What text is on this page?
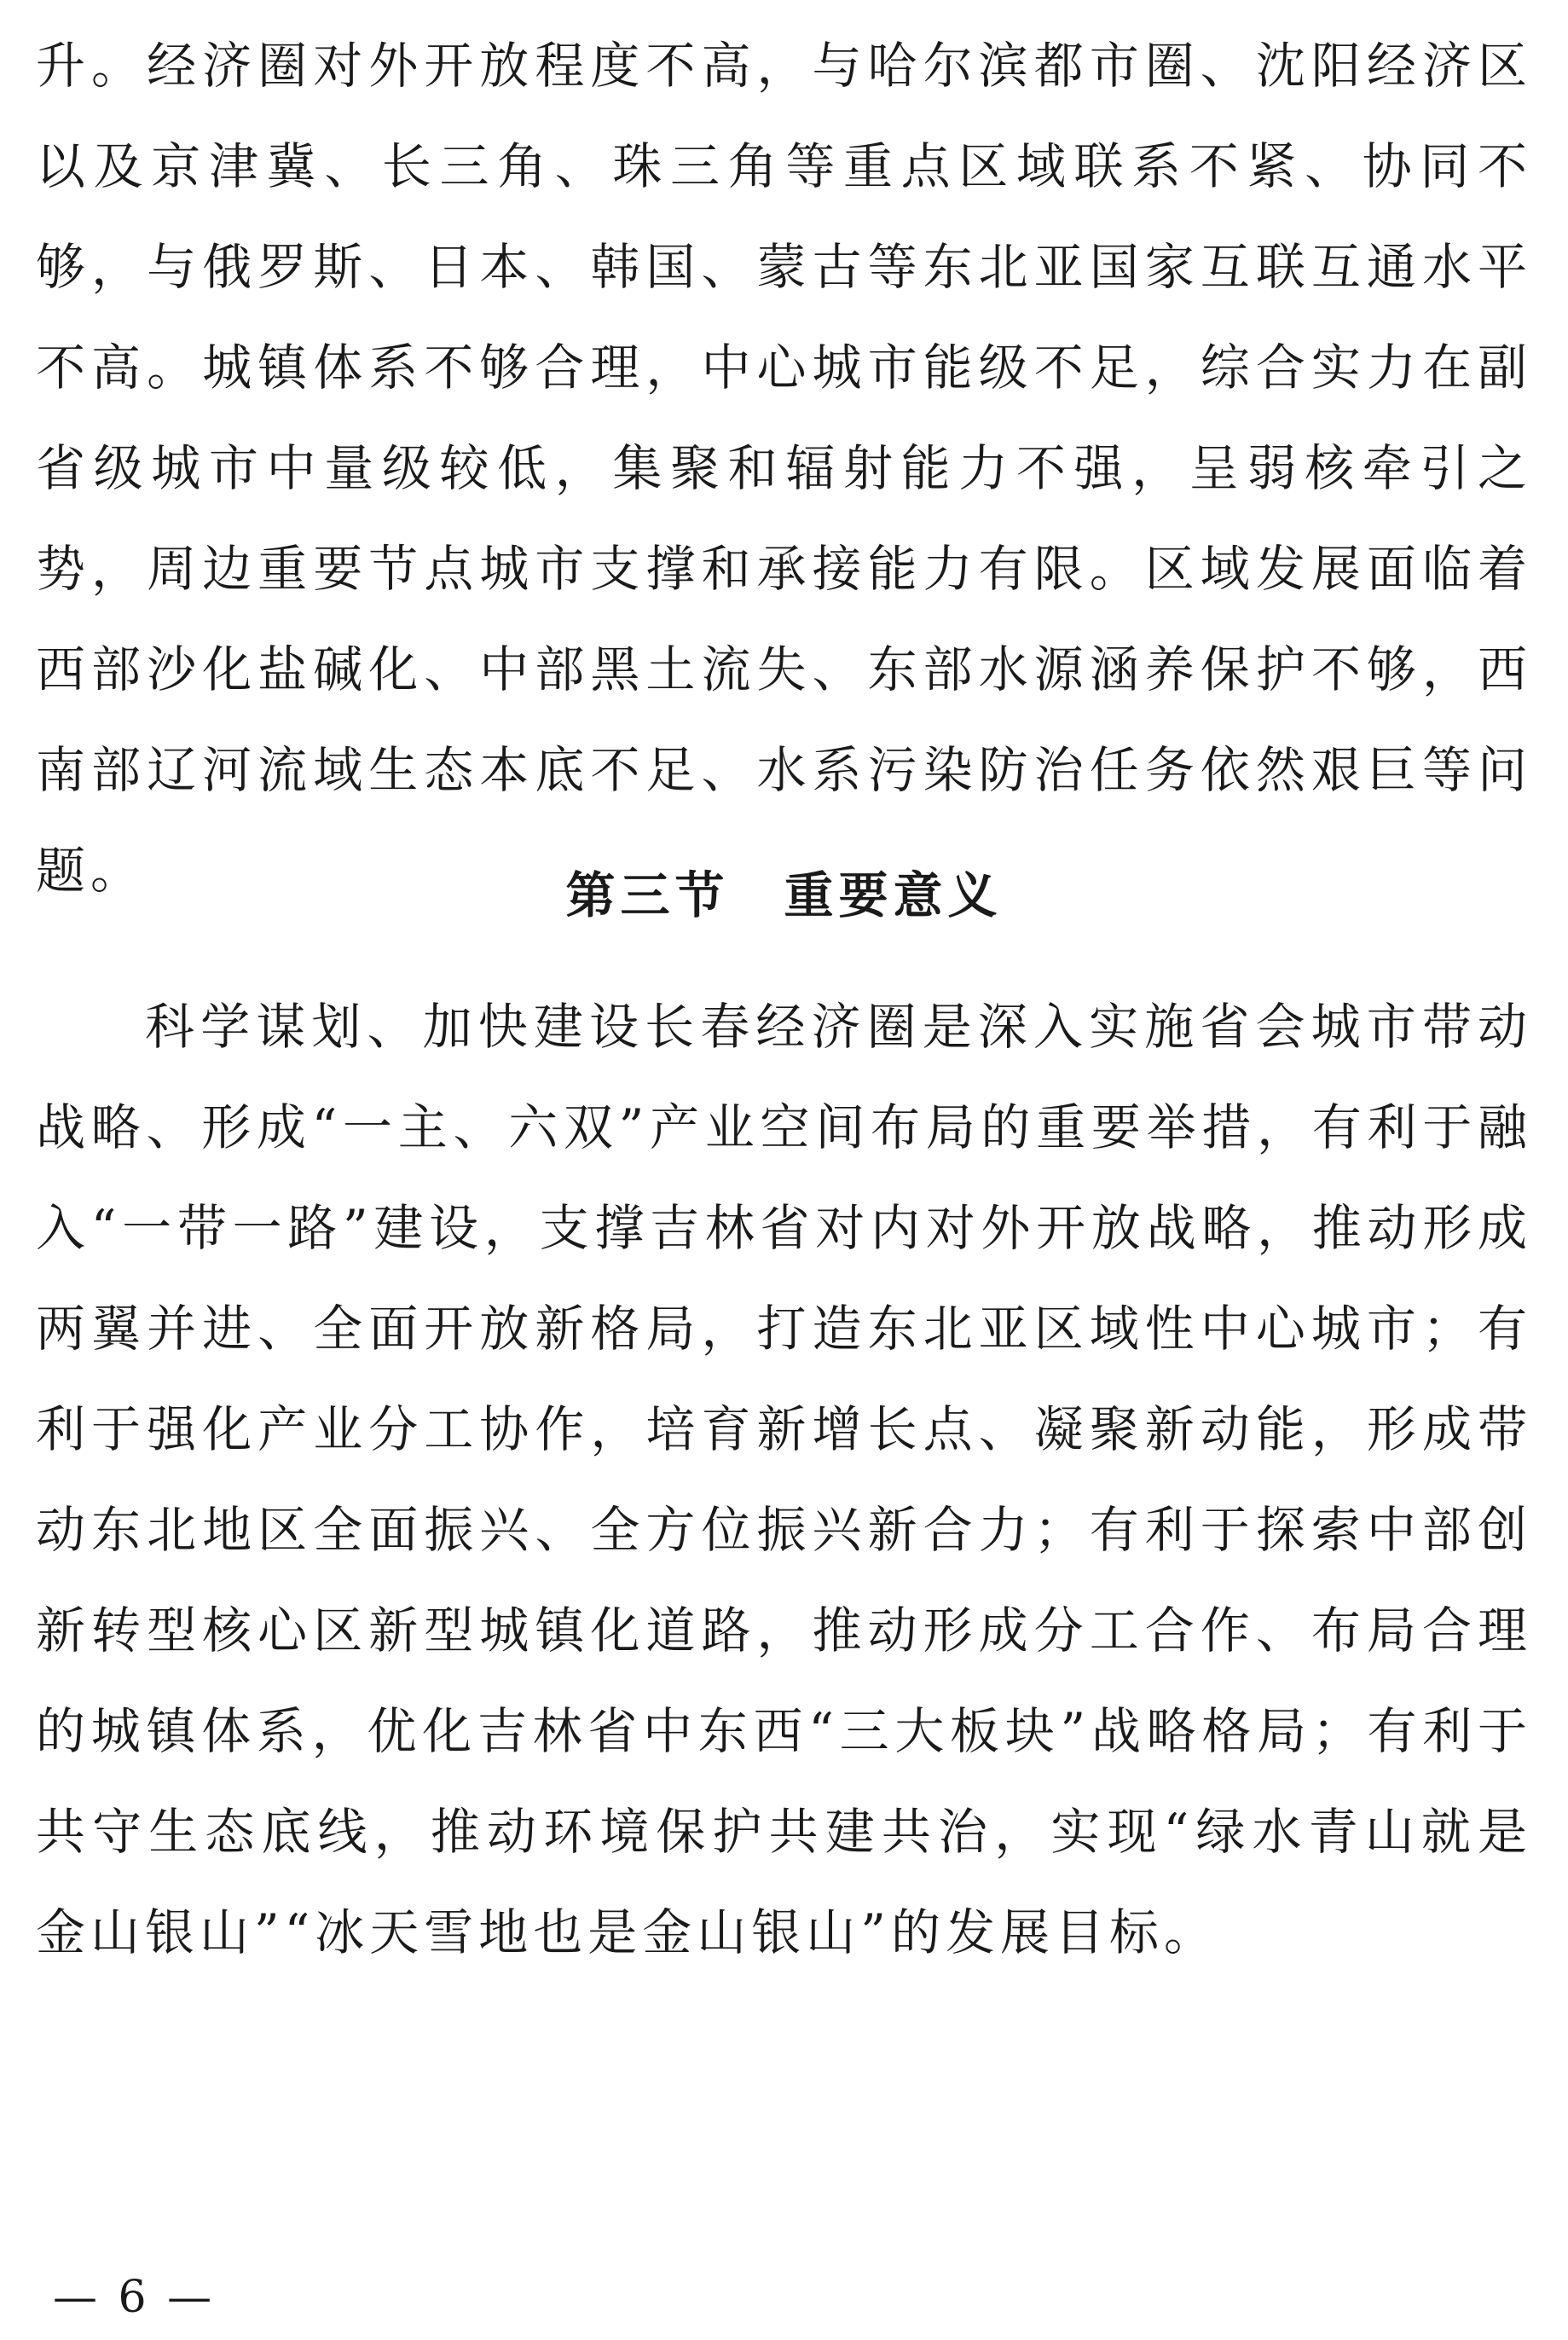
升。经济圈对外开放程度不高，与哈尔滨都市圈、沈阳经济区以及京津冀、长三角、珠三角等重点区域联系不紧、协同不够，与俄罗斯、日本、韩国、蒙古等东北亚国家互联互通水平不高。城镇体系不够合理，中心城市能级不足，综合实力在副省级城市中量级较低，集聚和辐射能力不强，呈弱核牵引之势，周边重要节点城市支撑和承接能力有限。区域发展面临着西部沙化盐碱化、中部黑土流失、东部水源涵养保护不够，西南部辽河流域生态本底不足、水系污染防治任务依然艰巨等问题。	第三节 重要意义

科学谋划、加快建设长春经济圈是深入实施省会城市带动战略、形成“一主、六双”产业空间布局的重要举措，有利于融入“一带一路”建设，支撑吉林省对内对外开放战略，推动形成两翼并进、全面开放新格局，打造东北亚区域性中心城市；有利于强化产业分工协作，培育新增长点、凝聚新动能，形成带动东北地区全面振兴、全方位振兴新合力；有利于探索中部创新转型核心区新型城镇化道路，推动形成分工合作、布局合理的城镇体系，优化吉林省中东西“三大板块”战略格局；有利于共守生态底线，推动环境保护共建共治，实现“绿水青山就是金山银山”“冰天雪地也是金山银山”的发展目标。

— 6 —
